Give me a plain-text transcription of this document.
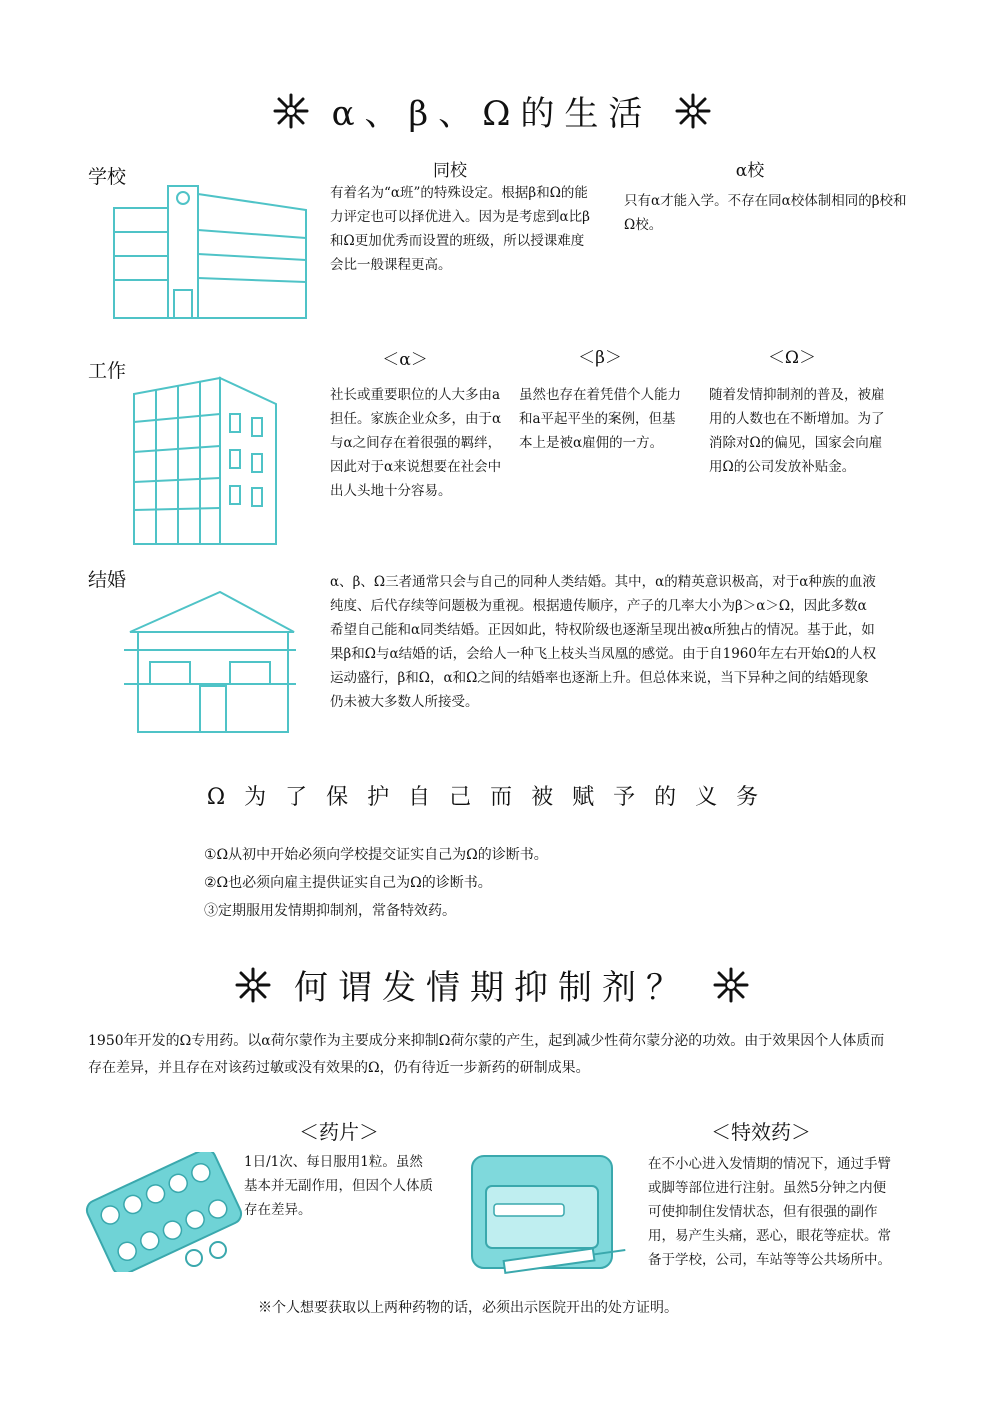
α、β、Ω的生活
学校	同校
有着名为“α班”的特殊设定。根据β和Ω的能力评定也可以择优进入。因为是考虑到α比β和Ω更加优秀而设置的班级，所以授课难度会比一般课程更高。
α校
只有α才能入学。不存在同α校体制相同的β校和Ω校。
工作	＜α＞
社长或重要职位的人大多由a担任。家族企业众多，由于α与α之间存在着很强的羁绊，因此对于α来说想要在社会中出人头地十分容易。
＜β＞
虽然也存在着凭借个人能力和a平起平坐的案例，但基本上是被α雇佣的一方。
＜Ω＞
随着发情抑制剂的普及，被雇用的人数也在不断增加。为了消除对Ω的偏见，国家会向雇用Ω的公司发放补贴金。
结婚	α、β、Ω三者通常只会与自己的同种人类结婚。其中，α的精英意识极高，对于α种族的血液纯度、后代存续等问题极为重视。根据遗传顺序，产子的几率大小为β＞α＞Ω，因此多数α希望自己能和α同类结婚。正因如此，特权阶级也逐渐呈现出被α所独占的情况。基于此，如果β和Ω与α结婚的话，会给人一种飞上枝头当凤凰的感觉。由于自1960年左右开始Ω的人权运动盛行，β和Ω，α和Ω之间的结婚率也逐渐上升。但总体来说，当下异种之间的结婚现象仍未被大多数人所接受。
Ω为了保护自己而被赋予的义务
①Ω从初中开始必须向学校提交证实自己为Ω的诊断书。
②Ω也必须向雇主提供证实自己为Ω的诊断书。
③定期服用发情期抑制剂，常备特效药。
何谓发情期抑制剂？
1950年开发的Ω专用药。以α荷尔蒙作为主要成分来抑制Ω荷尔蒙的产生，起到减少性荷尔蒙分泌的功效。由于效果因个人体质而存在差异，并且存在对该药过敏或没有效果的Ω，仍有待近一步新药的研制成果。
＜药片＞
1日/1次、每日服用1粒。虽然基本并无副作用，但因个人体质存在差异。
＜特效药＞
在不小心进入发情期的情况下，通过手臂或脚等部位进行注射。虽然5分钟之内便可使抑制住发情状态，但有很强的副作用，易产生头痛，恶心，眼花等症状。常备于学校，公司，车站等等公共场所中。
※个人想要获取以上两种药物的话，必须出示医院开出的处方证明。
